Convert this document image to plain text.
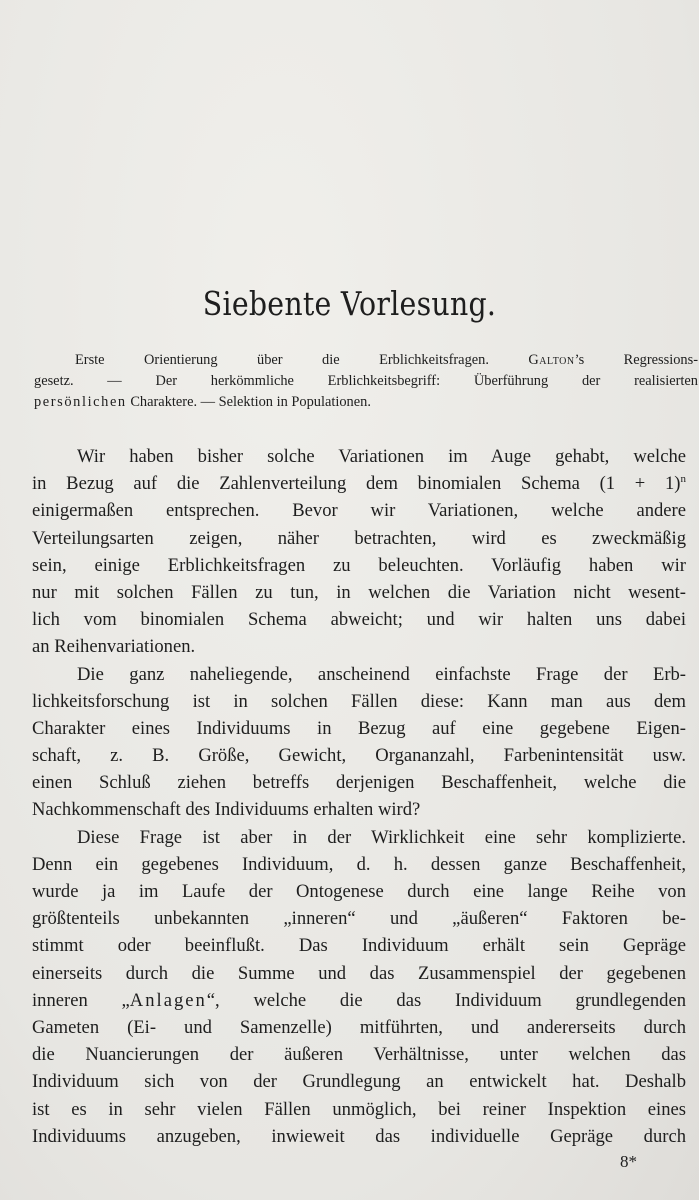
Siebente Vorlesung.
Erste Orientierung über die Erblichkeitsfragen. Galton’s Regressions-
gesetz. — Der herkömmliche Erblichkeitsbegriff: Überführung der realisierten
persönlichen Charaktere. — Selektion in Populationen.
Wir haben bisher solche Variationen im Auge gehabt, welche
in Bezug auf die Zahlenverteilung dem binomialen Schema $(1 + 1)^n$
einigermaßen entsprechen. Bevor wir Variationen, welche andere
Verteilungsarten zeigen, näher betrachten, wird es zweckmäßig
sein, einige Erblichkeitsfragen zu beleuchten. Vorläufig haben wir
nur mit solchen Fällen zu tun, in welchen die Variation nicht wesent-
lich vom binomialen Schema abweicht; und wir halten uns dabei
an Reihenvariationen.
Die ganz naheliegende, anscheinend einfachste Frage der Erb-
lichkeitsforschung ist in solchen Fällen diese: Kann man aus dem
Charakter eines Individuums in Bezug auf eine gegebene Eigen-
schaft, z. B. Größe, Gewicht, Organanzahl, Farbenintensität usw.
einen Schluß ziehen betreffs derjenigen Beschaffenheit, welche die
Nachkommenschaft des Individuums erhalten wird?
Diese Frage ist aber in der Wirklichkeit eine sehr komplizierte.
Denn ein gegebenes Individuum, d. h. dessen ganze Beschaffenheit,
wurde ja im Laufe der Ontogenese durch eine lange Reihe von
größtenteils unbekannten „inneren“ und „äußeren“ Faktoren be-
stimmt oder beeinflußt. Das Individuum erhält sein Gepräge
einerseits durch die Summe und das Zusammenspiel der gegebenen
inneren „Anlagen“, welche die das Individuum grundlegenden
Gameten (Ei- und Samenzelle) mitführten, und andererseits durch
die Nuancierungen der äußeren Verhältnisse, unter welchen das
Individuum sich von der Grundlegung an entwickelt hat. Deshalb
ist es in sehr vielen Fällen unmöglich, bei reiner Inspektion eines
Individuums anzugeben, inwieweit das individuelle Gepräge durch
8*
